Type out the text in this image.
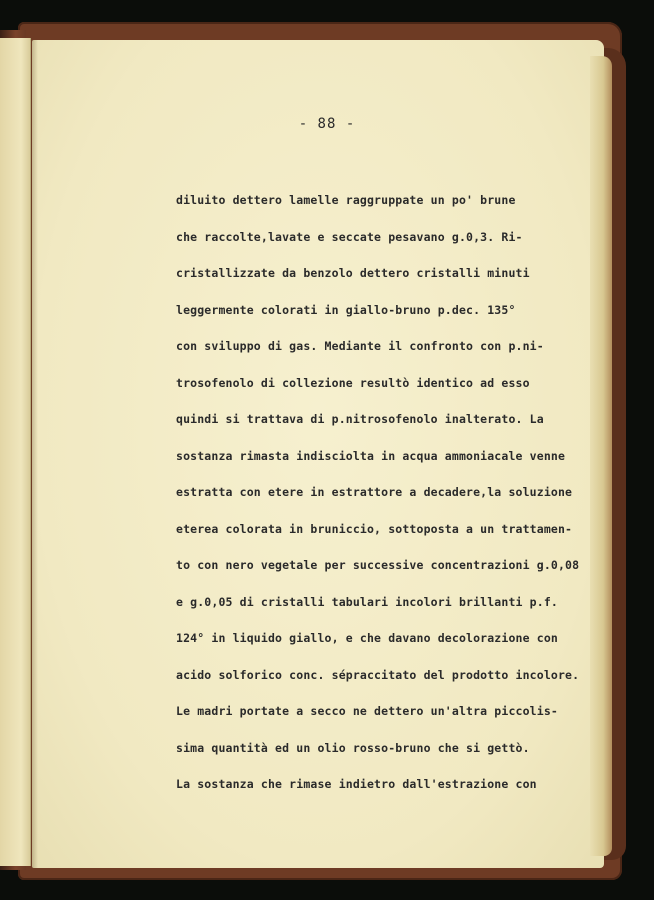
- 88 -
diluito dettero lamelle raggruppate un po' brune
che raccolte,lavate e seccate pesavano g.0,3. Ri-
cristallizzate da benzolo dettero cristalli minuti
leggermente colorati in giallo-bruno p.dec. 135°
con sviluppo di gas. Mediante il confronto con p.ni-
trosofenolo di collezione resultò identico ad esso
quindi si trattava di p.nitrosofenolo inalterato. La
sostanza rimasta indisciolta in acqua ammoniacale venne
estratta con etere in estrattore a decadere,la soluzione
eterea colorata in bruniccio, sottoposta a un trattamen-
to con nero vegetale per successive concentrazioni g.0,08
e g.0,05 di cristalli tabulari incolori brillanti p.f.
124° in liquido giallo, e che davano decolorazione con
acido solforico conc. sépraccitato del prodotto incolore.
Le madri portate a secco ne dettero un'altra piccolis-
sima quantità ed un olio rosso-bruno che si gettò.
La sostanza che rimase indietro dall'estrazione con
